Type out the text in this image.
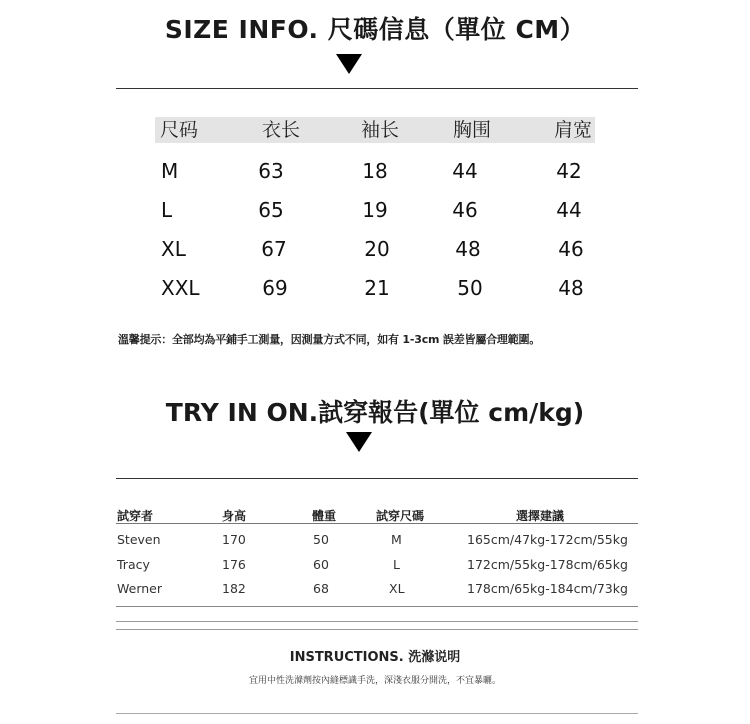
SIZE INFO. 尺碼信息（單位 CM）
尺码	衣长	袖长	胸围	肩宽
M	63	18	44	42
L	65	19	46	44
XL	67	20	48	46
XXL	69	21	50	48
溫馨提示：全部均為平鋪手工測量，因測量方式不同，如有 1-3cm 誤差皆屬合理範圍。
TRY IN ON.試穿報告(單位 cm/kg)
試穿者	身高	體重	試穿尺碼	選擇建議
Steven	170	50	M	165cm/47kg-172cm/55kg
Tracy	176	60	L	172cm/55kg-178cm/65kg
Werner	182	68	XL	178cm/65kg-184cm/73kg
INSTRUCTIONS. 洗滌说明
宜用中性洗滌劑按內縫標識手洗，深淺衣服分開洗，不宜暴曬。
